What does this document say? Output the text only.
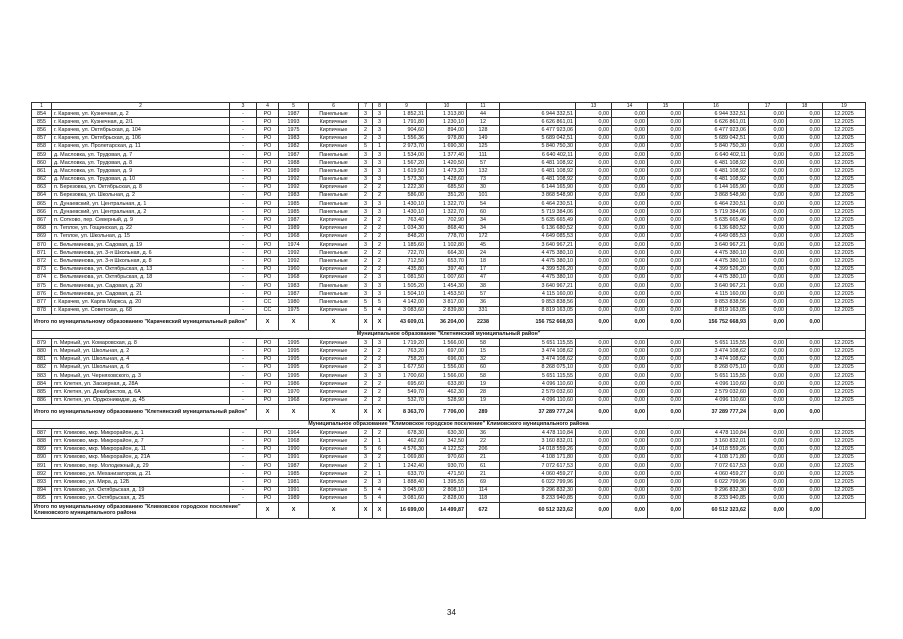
1	2	3	4	5	6	7	8	9	10	11		13	14	15	16	17	18	19
854	г. Карачев, ул. Кузнечная, д. 2	-	РО	1987	Панельные	3	3	1 852,31	1 313,80	44	6 944 332,51	0,00	0,00	0,00	6 944 332,51	0,00	0,00	12.2025
855	г. Карачев, ул. Кузнечная, д. 2/1	-	РО	1993	Кирпичные	3	3	1 791,80	1 230,10	12	6 626 861,01	0,00	0,00	0,00	6 626 861,01	0,00	0,00	12.2025
856	г. Карачев, ул. Октябрьская, д. 104	-	РО	1975	Кирпичные	2	3	904,60	894,00	128	6 477 923,06	0,00	0,00	0,00	6 477 923,06	0,00	0,00	12.2025
857	г. Карачев, ул. Октябрьская, д. 106	-	РО	1983	Кирпичные	2	3	1 556,36	978,80	149	5 689 042,51	0,00	0,00	0,00	5 689 042,51	0,00	0,00	12.2025
858	г. Карачев, ул. Пролетарская, д. 11	-	РО	1982	Кирпичные	5	1	2 973,70	1 690,30	125	5 840 750,30	0,00	0,00	0,00	5 840 750,30	0,00	0,00	12.2025
859	д. Масловка, ул. Трудовая, д. 7	-	РО	1987	Панельные	3	3	1 534,00	1 377,40	111	6 640 402,11	0,00	0,00	0,00	6 640 402,11	0,00	0,00	12.2025
860	д. Масловка, ул. Трудовая, д. 8	-	РО	1988	Панельные	3	3	1 567,20	1 420,50	57	6 481 108,92	0,00	0,00	0,00	6 481 108,92	0,00	0,00	12.2025
861	д. Масловка, ул. Трудовая, д. 9	-	РО	1989	Панельные	3	3	1 619,50	1 473,20	132	6 481 108,92	0,00	0,00	0,00	6 481 108,92	0,00	0,00	12.2025
862	д. Масловка, ул. Трудовая, д. 10	-	РО	1992	Панельные	3	3	1 573,30	1 428,60	73	6 481 108,92	0,00	0,00	0,00	6 481 108,92	0,00	0,00	12.2025
863	п. Березовка, ул. Октябрьская, д. 8	-	РО	1992	Кирпичные	2	2	1 222,30	685,50	30	6 144 165,90	0,00	0,00	0,00	6 144 165,90	0,00	0,00	12.2025
864	п. Березовка, ул. Школьная, д. 2	-	РО	1983	Панельные	2	2	586,00	351,20	101	3 868 548,90	0,00	0,00	0,00	3 868 548,90	0,00	0,00	12.2025
865	п. Дунаевский, ул. Центральная, д. 1	-	РО	1985	Панельные	3	3	1 430,10	1 322,70	54	6 464 230,51	0,00	0,00	0,00	6 464 230,51	0,00	0,00	12.2025
866	п. Дунаевский, ул. Центральная, д. 2	-	РО	1985	Панельные	3	3	1 430,10	1 322,70	60	5 719 384,06	0,00	0,00	0,00	5 719 384,06	0,00	0,00	12.2025
867	п. Сотково, пер. Северный, д. 9	-	РО	1987	Кирпичные	2	2	763,40	702,90	34	5 635 665,49	0,00	0,00	0,00	5 635 665,49	0,00	0,00	12.2025
868	п. Теплое, ул. Гощинская, д. 22	-	РО	1989	Кирпичные	2	2	1 034,30	868,40	34	6 136 680,52	0,00	0,00	0,00	6 136 680,52	0,00	0,00	12.2025
869	п. Теплое, ул. Школьная, д. 15	-	РО	1968	Кирпичные	2	2	848,20	778,70	172	4 649 085,53	0,00	0,00	0,00	4 649 085,53	0,00	0,00	12.2025
870	с. Вельяминова, ул. Садовая, д. 19	-	РО	1974	Кирпичные	3	2	1 185,60	1 102,80	45	3 640 967,21	0,00	0,00	0,00	3 640 967,21	0,00	0,00	12.2025
871	с. Вельяминова, ул. 3-я Школьная, д. 6	-	РО	1992	Панельные	2	2	722,70	664,30	24	4 475 380,10	0,00	0,00	0,00	4 475 380,10	0,00	0,00	12.2025
872	с. Вельяминова, ул. 3-я Школьная, д. 8	-	РО	1992	Панельные	2	2	712,50	653,70	18	4 475 380,10	0,00	0,00	0,00	4 475 380,10	0,00	0,00	12.2025
873	с. Вельяминова, ул. Октябрьская, д. 13	-	РО	1960	Кирпичные	2	2	435,80	397,40	17	4 399 526,20	0,00	0,00	0,00	4 399 526,20	0,00	0,00	12.2025
874	с. Вельяминова, ул. Октябрьская, д. 18	-	РО	1968	Кирпичные	2	3	1 081,50	1 007,60	47	4 475 380,10	0,00	0,00	0,00	4 475 380,10	0,00	0,00	12.2025
875	с. Вельяминова, ул. Садовая, д. 20	-	РО	1983	Панельные	3	3	1 505,20	1 454,30	38	3 640 967,21	0,00	0,00	0,00	3 640 967,21	0,00	0,00	12.2025
876	с. Вельяминова, ул. Садовая, д. 21	-	РО	1987	Панельные	3	3	1 504,10	1 453,50	57	4 115 160,00	0,00	0,00	0,00	4 115 160,00	0,00	0,00	12.2025
877	г. Карачев, ул. Карла Маркса, д. 20	-	СС	1980	Панельные	5	5	4 142,00	3 817,00	36	9 853 838,56	0,00	0,00	0,00	9 853 838,56	0,00	0,00	12.2025
878	г. Карачев, ул. Советская, д. 68	-	СС	1975	Кирпичные	5	4	3 083,60	2 839,80	331	8 819 163,05	0,00	0,00	0,00	8 819 163,05	0,00	0,00	12.2025
Итого по муниципальному образованию "Карачевский муниципальный район"			X	X	X	X	X	43 609,01	36 204,00	2238	156 752 668,93	0,00	0,00	0,00	156 752 668,93	0,00	0,00	
Муниципальное образование "Клетнянский муниципальный район"																		
879	п. Мирный, ул. Комаровская, д. 8	-	РО	1995	Кирпичные	3	3	1 719,20	1 566,00	58	5 651 115,55	0,00	0,00	0,00	5 651 115,55	0,00	0,00	12.2025
880	п. Мирный, ул. Школьная, д. 2	-	РО	1995	Кирпичные	2	2	763,20	697,00	15	3 474 108,62	0,00	0,00	0,00	3 474 108,62	0,00	0,00	12.2025
881	п. Мирный, ул. Школьная, д. 4	-	РО	1995	Кирпичные	2	2	758,20	696,00	32	3 474 108,62	0,00	0,00	0,00	3 474 108,62	0,00	0,00	12.2025
882	п. Мирный, ул. Школьная, д. 6	-	РО	1995	Кирпичные	2	3	1 677,50	1 556,00	60	8 268 075,10	0,00	0,00	0,00	8 268 075,10	0,00	0,00	12.2025
883	п. Мирный, ул. Черняховского, д. 3	-	РО	1995	Кирпичные	3	3	1 700,60	1 566,00	58	5 651 115,55	0,00	0,00	0,00	5 651 115,55	0,00	0,00	12.2025
884	пгт. Клетня, ул. Заозерная, д. 28А	-	РО	1986	Кирпичные	2	2	695,60	633,80	19	4 096 110,60	0,00	0,00	0,00	4 096 110,60	0,00	0,00	12.2025
885	пгт. Клетня, ул. Декабристов, д. 6А	-	РО	1970	Кирпичные	2	2	549,70	462,30	28	2 579 032,60	0,00	0,00	0,00	2 579 032,60	0,00	0,00	12.2025
886	пгт. Клетня, ул. Орджоникидзе, д. 45	-	РО	1968	Кирпичные	2	2	532,70	528,90	19	4 096 110,60	0,00	0,00	0,00	4 096 110,60	0,00	0,00	12.2025
Итого по муниципальному образованию "Клетнянский муниципальный район"			X	X	X	X	X	8 363,70	7 706,00	289	37 289 777,24	0,00	0,00	0,00	37 289 777,24	0,00	0,00	
Муниципальное образование "Климовское городское поселение" Климовского муниципального района																		
887	пгт. Климово, мкр. Микрорайон, д. 1	-	РО	1964	Кирпичные	2	2	678,30	630,30	36	4 478 110,84	0,00	0,00	0,00	4 478 110,84	0,00	0,00	12.2025
888	пгт. Климово, мкр. Микрорайон, д. 7	-	РО	1968	Кирпичные	2	1	462,60	342,50	22	3 160 832,01	0,00	0,00	0,00	3 160 832,01	0,00	0,00	12.2025
889	пгт. Климово, мкр. Микрорайон, д. 11	-	РО	1990	Кирпичные	5	6	4 576,30	4 122,52	206	14 018 559,26	0,00	0,00	0,00	14 018 559,26	0,00	0,00	12.2025
890	пгт. Климово, мкр. Микрорайон, д. 21А	-	РО	1991	Кирпичные	3	2	1 069,80	970,60	21	4 108 171,80	0,00	0,00	0,00	4 108 171,80	0,00	0,00	12.2025
891	пгт. Климово, пер. Молодежный, д. 29	-	РО	1987	Кирпичные	2	1	1 242,40	930,70	61	7 072 617,53	0,00	0,00	0,00	7 072 617,53	0,00	0,00	12.2025
892	пгт. Климово, ул. Механизаторов, д. 21	-	РО	1985	Кирпичные	2	1	633,70	471,50	21	4 060 459,27	0,00	0,00	0,00	4 060 459,27	0,00	0,00	12.2025
893	пгт. Климово, ул. Мира, д. 12Б	-	РО	1981	Кирпичные	2	3	1 888,40	1 395,55	69	6 022 799,96	0,00	0,00	0,00	6 022 799,96	0,00	0,00	12.2025
894	пгт. Климово, ул. Октябрьская, д. 19	-	РО	1991	Кирпичные	5	4	3 045,00	2 808,10	114	9 296 832,30	0,00	0,00	0,00	9 296 832,30	0,00	0,00	12.2025
895	пгт. Климово, ул. Октябрьская, д. 25	-	РО	1989	Кирпичные	5	4	3 081,60	2 828,00	118	8 233 940,85	0,00	0,00	0,00	8 233 940,85	0,00	0,00	12.2025
Итого по муниципальному образованию "Климовское городское поселение" Климовского муниципального района			X	X	X	X	X	16 699,00	14 499,87	672	60 512 323,62	0,00	0,00	0,00	60 512 323,62	0,00	0,00	
34
